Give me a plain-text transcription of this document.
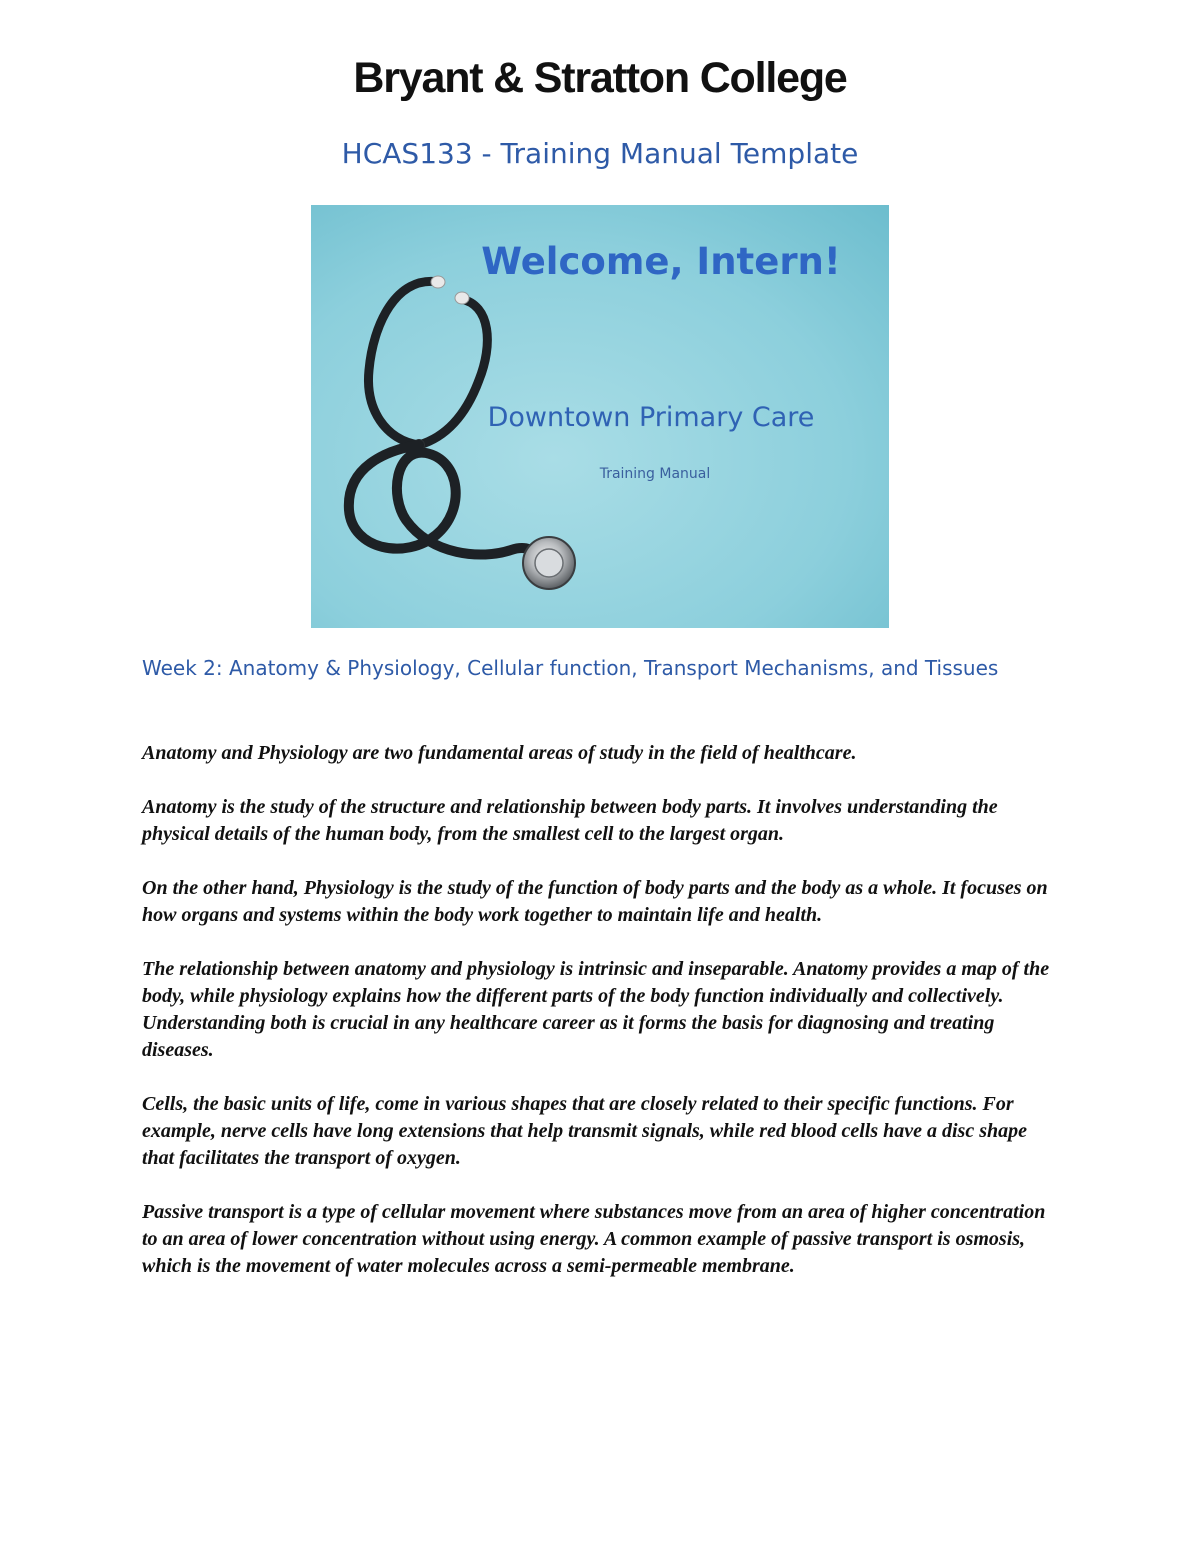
Bryant & Stratton College
HCAS133 - Training Manual Template
Welcome, Intern!
Downtown Primary Care
Training Manual
Week 2: Anatomy & Physiology, Cellular function, Transport Mechanisms, and Tissues

Anatomy and Physiology are two fundamental areas of study in the field of healthcare.

Anatomy is the study of the structure and relationship between body parts. It involves understanding the physical details of the human body, from the smallest cell to the largest organ.

On the other hand, Physiology is the study of the function of body parts and the body as a whole. It focuses on how organs and systems within the body work together to maintain life and health.

The relationship between anatomy and physiology is intrinsic and inseparable. Anatomy provides a map of the body, while physiology explains how the different parts of the body function individually and collectively. Understanding both is crucial in any healthcare career as it forms the basis for diagnosing and treating diseases.

Cells, the basic units of life, come in various shapes that are closely related to their specific functions. For example, nerve cells have long extensions that help transmit signals, while red blood cells have a disc shape that facilitates the transport of oxygen.

Passive transport is a type of cellular movement where substances move from an area of higher concentration to an area of lower concentration without using energy. A common example of passive transport is osmosis, which is the movement of water molecules across a semi-permeable membrane.
